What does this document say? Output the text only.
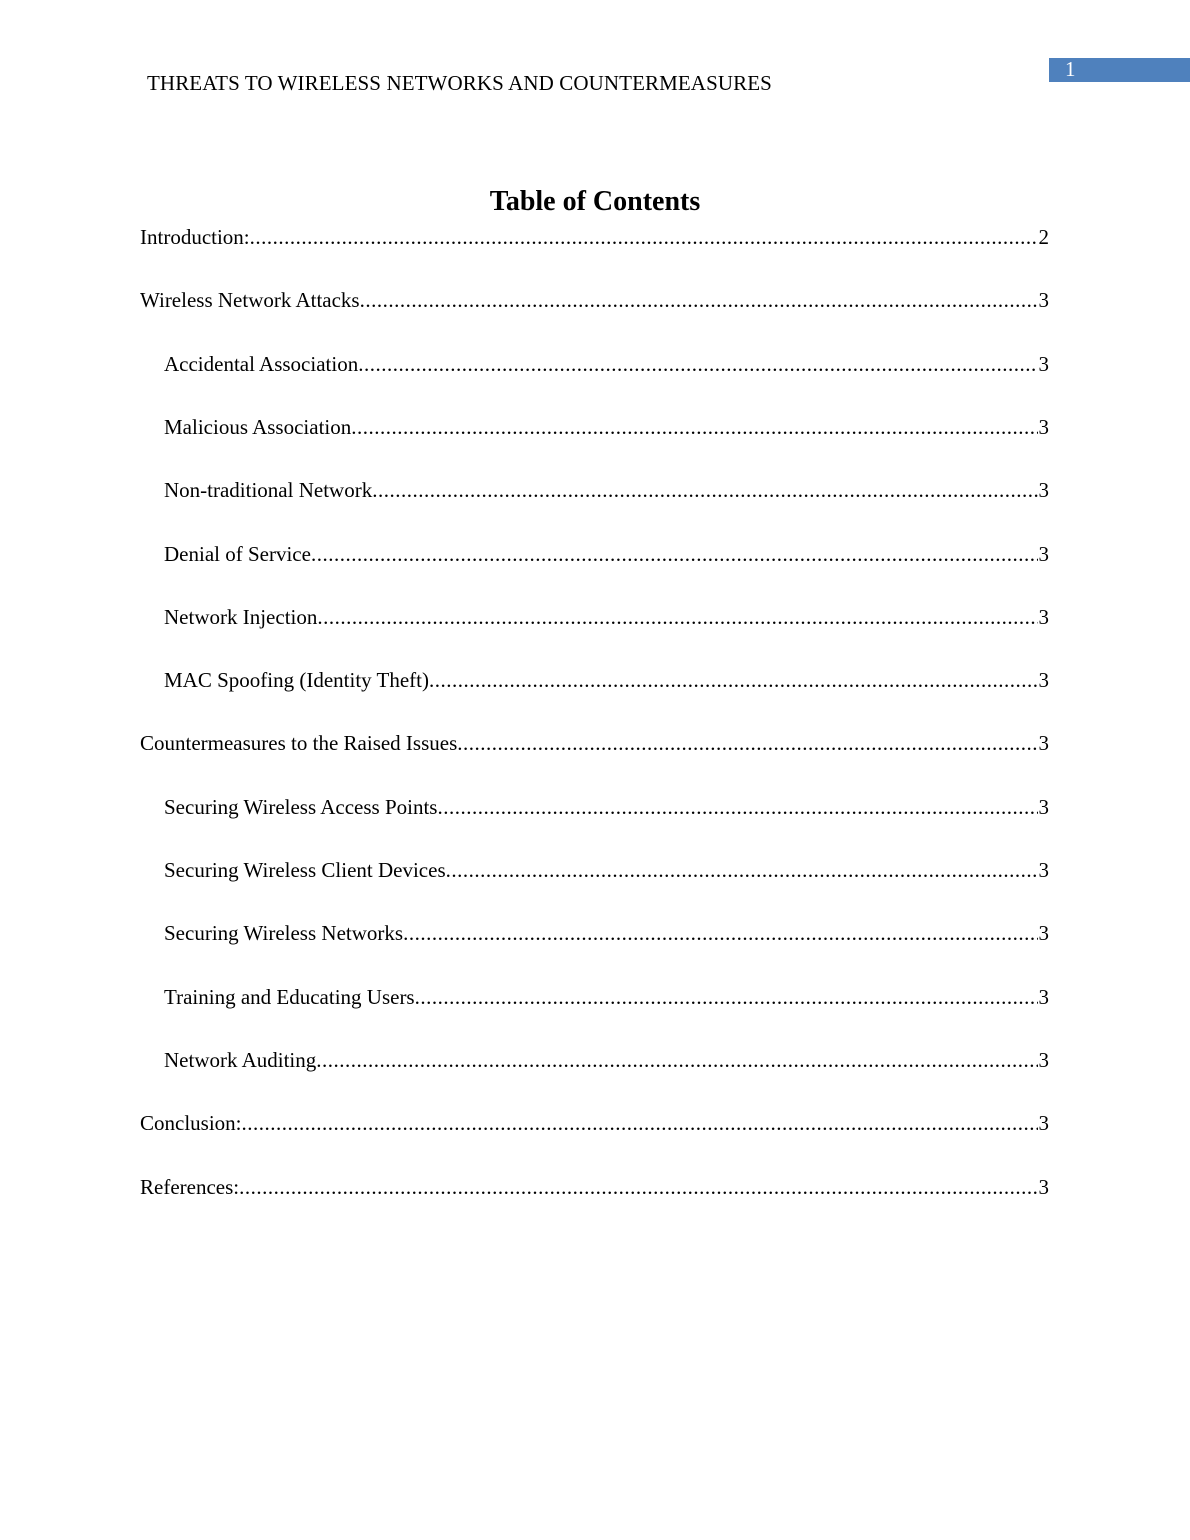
THREATS TO WIRELESS NETWORKS AND COUNTERMEASURES
1
Table of Contents
Introduction: .....	2
Wireless Network Attacks .....	3
Accidental Association .....	3
Malicious Association .....	3
Non-traditional Network .....	3
Denial of Service .....	3
Network Injection .....	3
MAC Spoofing (Identity Theft) .....	3
Countermeasures to the Raised Issues .....	3
Securing Wireless Access Points .....	3
Securing Wireless Client Devices .....	3
Securing Wireless Networks .....	3
Training and Educating Users .....	3
Network Auditing .....	3
Conclusion: .....	3
References: .....	3
